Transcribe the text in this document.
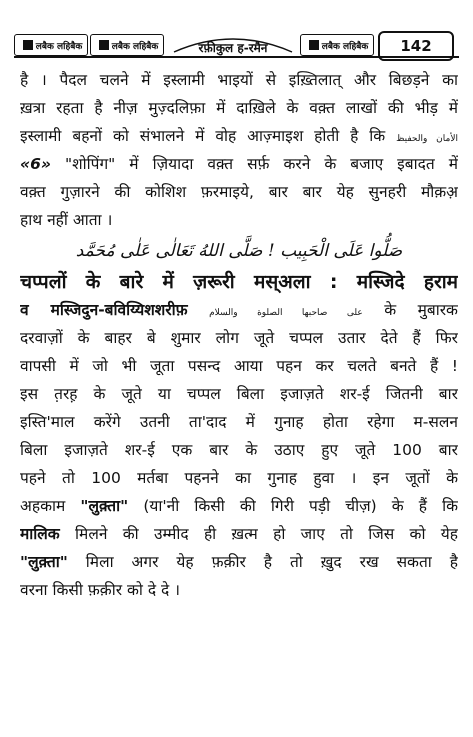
लबैक लहिबैक	लबैक लहिबैक	रफ़ीकुल ह-रमैन	लबैक लहिबैक	142
है । पैदल चलने में इस्लामी भाइयों से इख़्तिलात् और बिछड़ने का
ख़त्रा रहता है नीज़ मुज़्दलिफ़ा में दाख़िले के वक़्त लाखों की भीड़ में
इस्लामी बहनों को संभालने में वोह आज़्माइश होती है कि الأمان والحفيظ
«6» "शोपिंग" में ज़ियादा वक़्त सर्फ़ करने के बजाए इबादत में
वक़्त गुज़ारने की कोशिश फ़रमाइये, बार बार येह सुनहरी मौक़अ़
हाथ नहीं आता ।
صَلُّوا عَلَى الْحَبِيب ! صَلَّى اللهُ تَعَالٰى عَلٰى مُحَمَّد
चप्पलों के बारे में ज़रूरी मस्अला : मस्जिदे हराम
व मस्जिदुन-बविय्यिशशरीफ़ على صاحبها الصلوة والسلام के मुबारक
दरवाज़ों के बाहर बे शुमार लोग जूते चप्पल उतार देते हैं फिर
वापसी में जो भी जूता पसन्द आया पहन कर चलते बनते हैं !
इस त़रह़ के जूते या चप्पल बिला इजाज़ते शर-ई जितनी बार
इस्ति'माल करेंगे उतनी ता'दाद में गुनाह होता रहेगा म-सलन
बिला इजाज़ते शर-ई एक बार के उठाए हुए जूते 100 बार
पहने तो 100 मर्तबा पहनने का गुनाह हुवा । इन जूतों के
अहकाम "लुक़्ता" (या'नी किसी की गिरी पड़ी चीज़) के हैं कि
मालिक मिलने की उम्मीद ही ख़त्म हो जाए तो जिस को येह
"लुक़्ता" मिला अगर येह फ़क़ीर है तो ख़ुद रख सकता है
वरना किसी फ़क़ीर को दे दे ।
